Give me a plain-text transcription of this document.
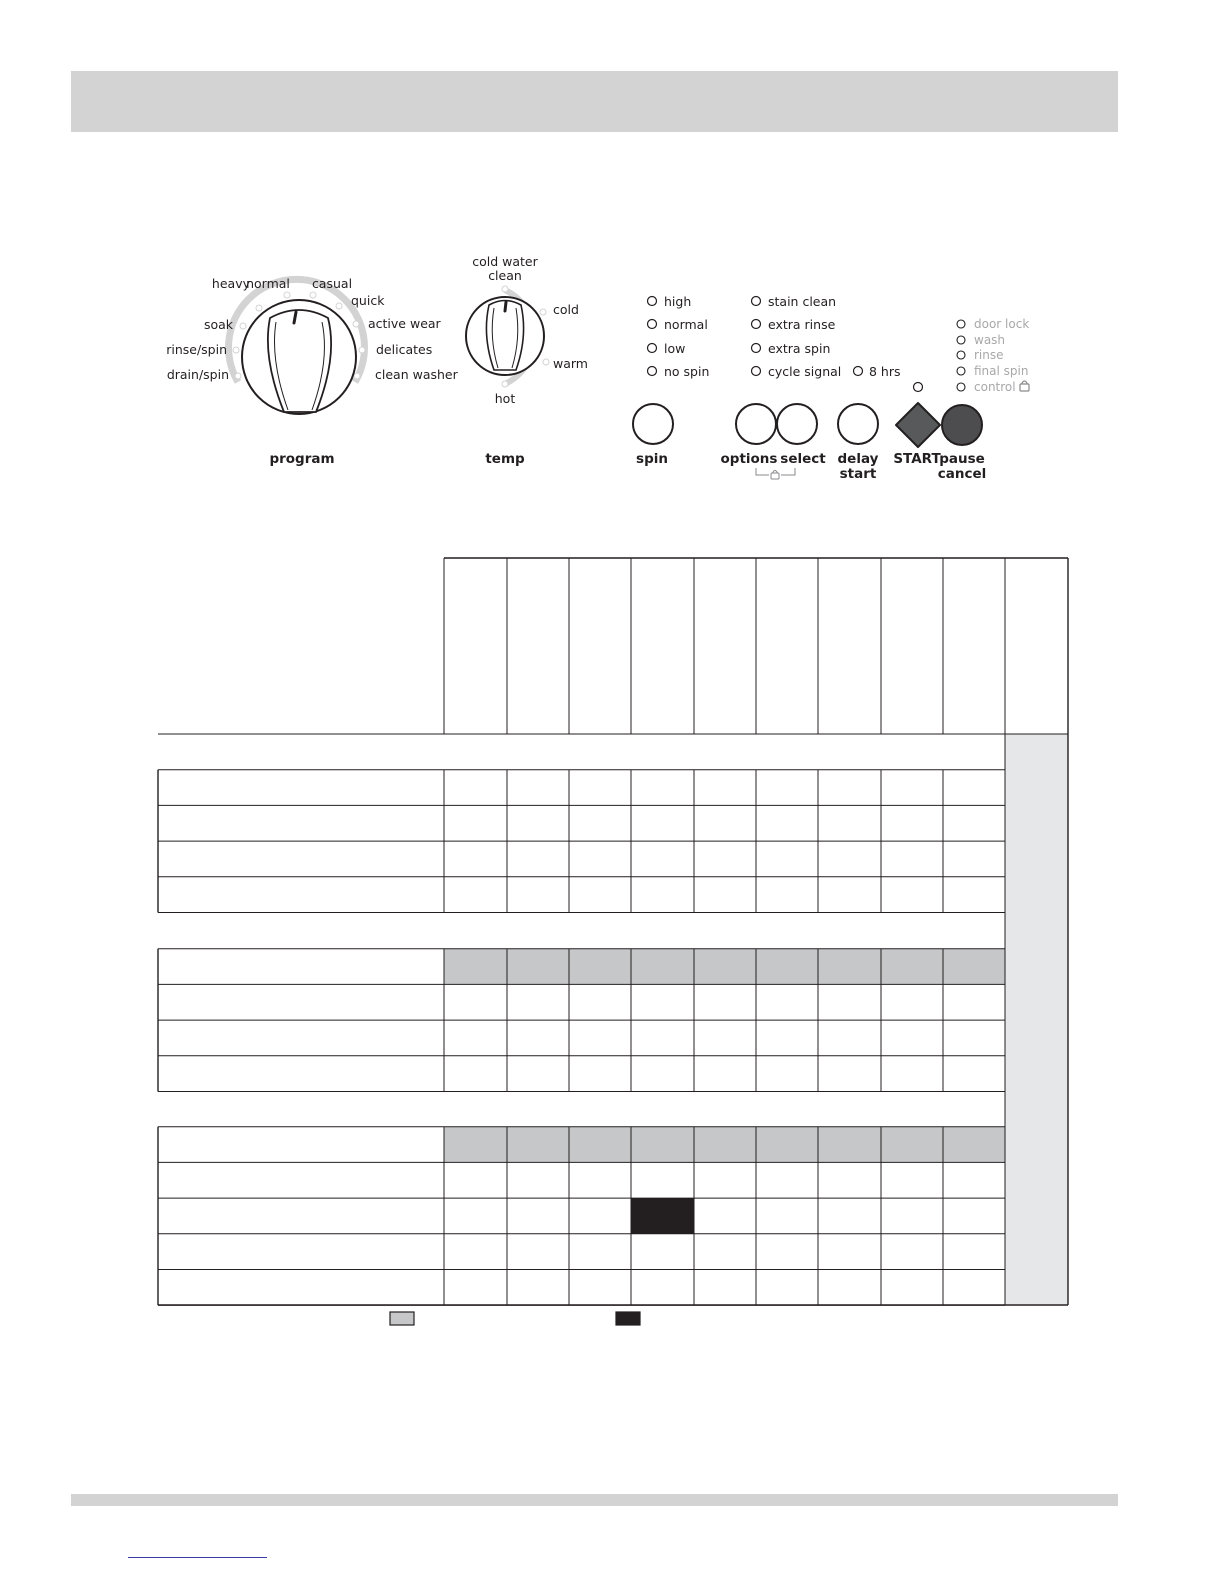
heavy
soak
rinse/spin
drain/spin
normal casual
quick
active wear
delicates
clean washer
program
cold water
clean
cold
warm
hot
temp
high
normal
low
no spin
spin
stain clean
extra rinse
extra spin
cycle signal
options select
8 hrs
delay
start
START
pause
cancel
door lock
wash
rinse
final spin
control
